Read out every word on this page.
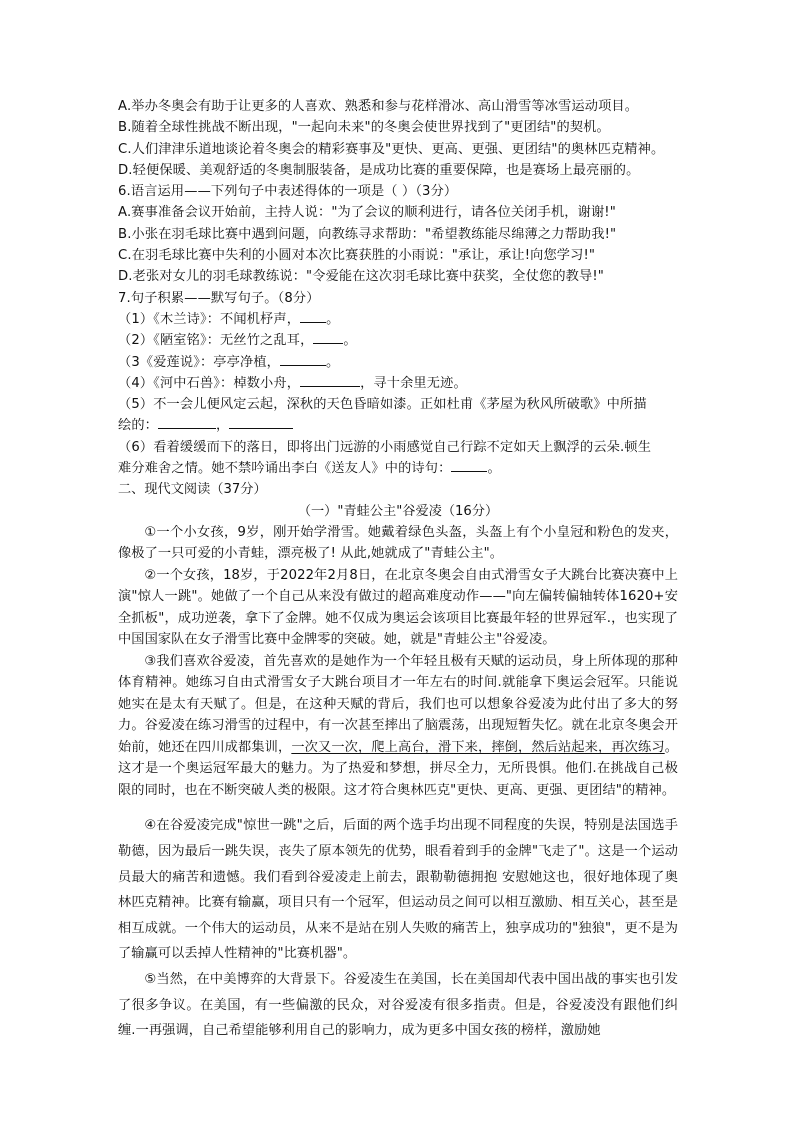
A.举办冬奥会有助于让更多的人喜欢、熟悉和参与花样滑冰、高山滑雪等冰雪运动项目。
B.随着全球性挑战不断出现，"一起向未来"的冬奥会使世界找到了"更团结"的契机。
C.人们津津乐道地谈论着冬奥会的精彩赛事及"更快、更高、更强、更团结"的奥林匹克精神。
D.轻便保暖、美观舒适的冬奥制服装备，是成功比赛的重要保障，也是赛场上最亮丽的。
6.语言运用——下列句子中表述得体的一项是（ ）（3分）
A.赛事准备会议开始前，主持人说："为了会议的顺利进行，请各位关闭手机，谢谢!"
B.小张在羽毛球比赛中遇到问题，向教练寻求帮助："希望教练能尽绵薄之力帮助我!"
C.在羽毛球比赛中失利的小圆对本次比赛获胜的小雨说："承让，承让!向您学习!"
D.老张对女儿的羽毛球教练说："令爱能在这次羽毛球比赛中获奖，全仗您的教导!"
7.句子积累——默写句子。（8分）
（1）《木兰诗》：不闻机杼声， 。
（2）《陋室铭》：无丝竹之乱耳， 。
（3《爱莲说》：亭亭净植，	。
（4）《河中石兽》：棹数小舟，	，寻十余里无迹。
（5）不一会儿便风定云起，深秋的天色昏暗如漆。正如杜甫《茅屋为秋风所破歌》中所描
绘的：	，
（6）看着缓缓而下的落日，即将出门远游的小雨感觉自己行踪不定如天上飘浮的云朵.顿生
难分难舍之情。她不禁吟诵出李白《送友人》中的诗句：	。
二、现代文阅读（37分）
（一）"青蛙公主"谷爱凌（16分）
①一个小女孩，9岁，刚开始学滑雪。她戴着绿色头盔，头盔上有个小皇冠和粉色的发夹，像极了一只可爱的小青蛙，漂亮极了! 从此,她就成了"青蛙公主"。
②一个女孩，18岁，于2022年2月8日，在北京冬奥会自由式滑雪女子大跳台比赛决赛中上演"惊人一跳"。她做了一个自己从来没有做过的超高难度动作——"向左偏转偏轴转体1620+安全抓板"，成功逆袭，拿下了金牌。她不仅成为奥运会该项目比赛最年轻的世界冠军.，也实现了中国国家队在女子滑雪比赛中金牌零的突破。她，就是"青蛙公主"谷爱凌。
③我们喜欢谷爱凌，首先喜欢的是她作为一个年轻且极有天赋的运动员，身上所体现的那种体育精神。她练习自由式滑雪女子大跳台项目才一年左右的时间.就能拿下奥运会冠军。只能说她实在是太有天赋了。但是，在这种天赋的背后，我们也可以想象谷爱凌为此付出了多大的努力。谷爱凌在练习滑雪的过程中，有一次甚至摔出了脑震荡，出现短暂失忆。就在北京冬奥会开始前，她还在四川成都集训，一次又一次，爬上高台，滑下来，摔倒，然后站起来，再次练习。这才是一个奥运冠军最大的魅力。为了热爱和梦想，拼尽全力，无所畏惧。他们.在挑战自己极限的同时，也在不断突破人类的极限。这才符合奥林匹克"更快、更高、更强、更团结"的精神。
④在谷爱凌完成"惊世一跳"之后，后面的两个选手均出现不同程度的失误，特别是法国选手勒德，因为最后一跳失误，丧失了原本领先的优势，眼看着到手的金牌"飞走了"。这是一个运动员最大的痛苦和遗憾。我们看到谷爱凌走上前去，跟勒勒德拥抱 安慰她这也，很好地体现了奥林匹克精神。比赛有输赢，项目只有一个冠军，但运动员之间可以相互激励、相互关心，甚至是相互成就。一个伟大的运动员，从来不是站在别人失败的痛苦上，独享成功的"独狼"，更不是为了输赢可以丢掉人性精神的"比赛机器"。
⑤当然，在中美博弈的大背景下。谷爱凌生在美国，长在美国却代表中国出战的事实也引发了很多争议。在美国，有一些偏激的民众，对谷爱凌有很多指责。但是，谷爱凌没有跟他们纠缠.一再强调，自己希望能够利用自己的影响力，成为更多中国女孩的榜样，激励她
